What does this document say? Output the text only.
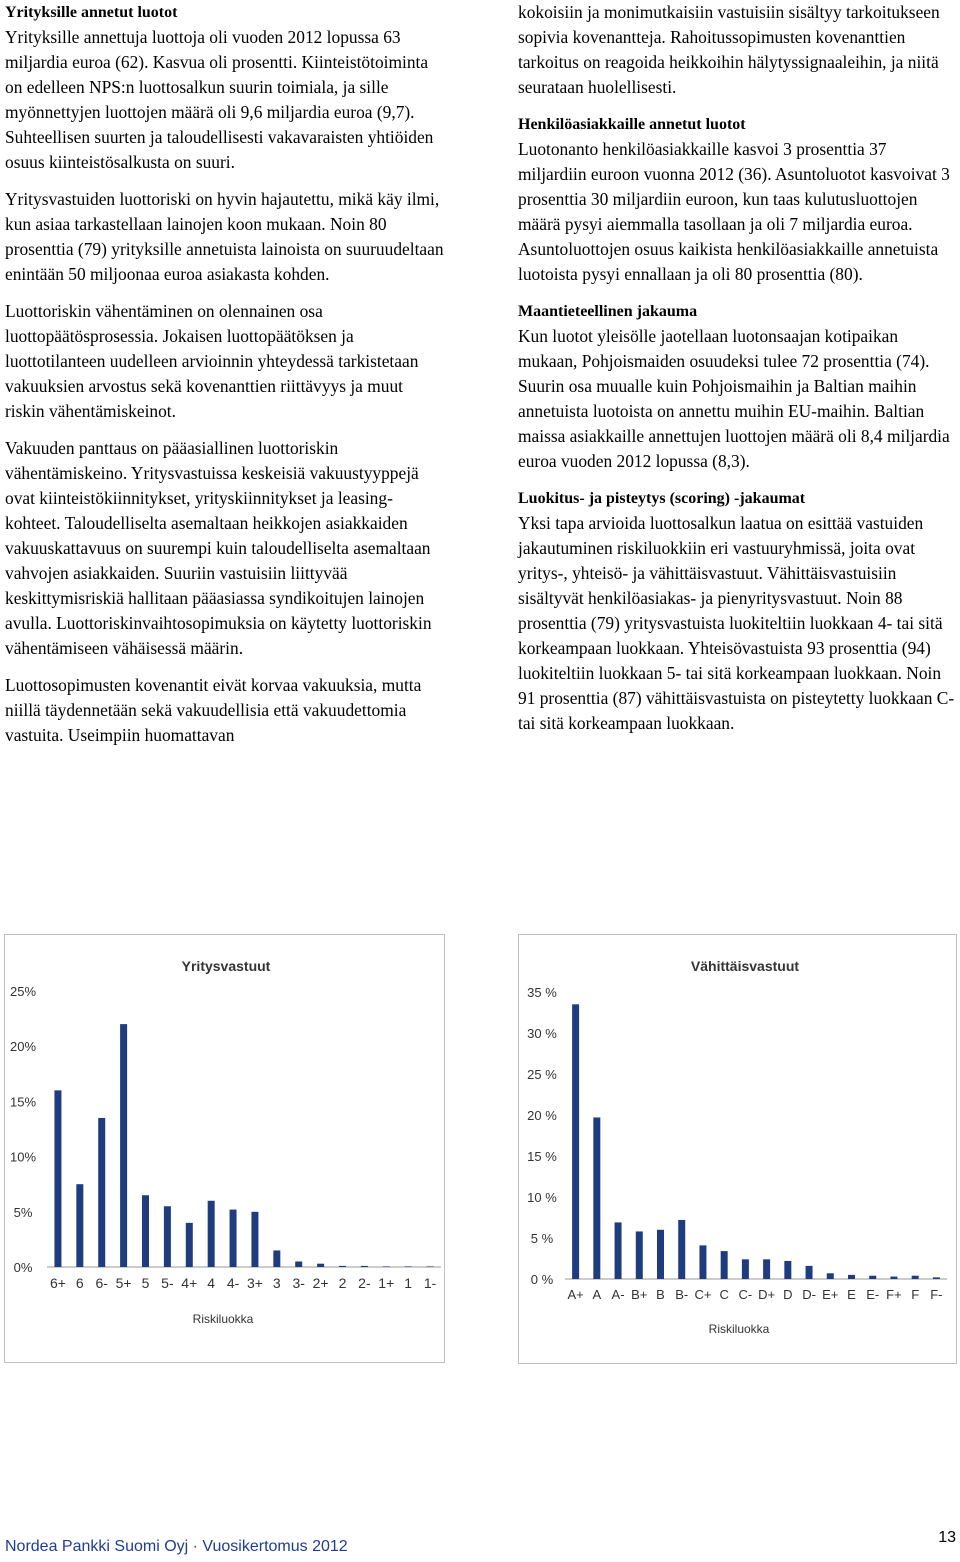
Yrityksille annetut luotot

Yrityksille annettuja luottoja oli vuoden 2012 lopussa 63 miljardia euroa (62). Kasvua oli prosentti. Kiinteistötoiminta on edelleen NPS:n luottosalkun suurin toimiala, ja sille myönnettyjen luottojen määrä oli 9,6 miljardia euroa (9,7). Suhteellisen suurten ja taloudellisesti vakavaraisten yhtiöiden osuus kiinteistösalkusta on suuri.

Yritysvastuiden luottoriski on hyvin hajautettu, mikä käy ilmi, kun asiaa tarkastellaan lainojen koon mukaan. Noin 80 prosenttia (79) yrityksille annetuista lainoista on suuruudeltaan enintään 50 miljoonaa euroa asiakasta kohden.

Luottoriskin vähentäminen on olennainen osa luottopäätösprosessia. Jokaisen luottopäätöksen ja luottotilanteen uudelleen arvioinnin yhteydessä tarkistetaan vakuuksien arvostus sekä kovenanttien riittävyys ja muut riskin vähentämiskeinot.

Vakuuden panttaus on pääasiallinen luottoriskin vähentämiskeino. Yritysvastuissa keskeisiä vakuustyyppejä ovat kiinteistökiinnitykset, yrityskiinnitykset ja leasing-kohteet. Taloudelliselta asemaltaan heikkojen asiakkaiden vakuuskattavuus on suurempi kuin taloudelliselta asemaltaan vahvojen asiakkaiden. Suuriin vastuisiin liittyvää keskittymisriskiä hallitaan pääasiassa syndikoitujen lainojen avulla. Luottoriskinvaihtosopimuksia on käytetty luottoriskin vähentämiseen vähäisessä määrin.

Luottosopimusten kovenantit eivät korvaa vakuuksia, mutta niillä täydennetään sekä vakuudellisia että vakuudettomia vastuita. Useimpiin huomattavan

kokoisiin ja monimutkaisiin vastuisiin sisältyy tarkoitukseen sopivia kovenantteja. Rahoitussopimusten kovenanttien tarkoitus on reagoida heikkoihin hälytyssignaaleihin, ja niitä seurataan huolellisesti.

Henkilöasiakkaille annetut luotot

Luotonanto henkilöasiakkaille kasvoi 3 prosenttia 37 miljardiin euroon vuonna 2012 (36). Asuntoluotot kasvoivat 3 prosenttia 30 miljardiin euroon, kun taas kulutusluottojen määrä pysyi aiemmalla tasollaan ja oli 7 miljardia euroa. Asuntoluottojen osuus kaikista henkilöasiakkaille annetuista luotoista pysyi ennallaan ja oli 80 prosenttia (80).

Maantieteellinen jakauma

Kun luotot yleisölle jaotellaan luotonsaajan kotipaikan mukaan, Pohjoismaiden osuudeksi tulee 72 prosenttia (74). Suurin osa muualle kuin Pohjoismaihin ja Baltian maihin annetuista luotoista on annettu muihin EU-maihin. Baltian maissa asiakkaille annettujen luottojen määrä oli 8,4 miljardia euroa vuoden 2012 lopussa (8,3).

Luokitus- ja pisteytys (scoring) -jakaumat

Yksi tapa arvioida luottosalkun laatua on esittää vastuiden jakautuminen riskiluokkiin eri vastuuryhmissä, joita ovat yritys-, yhteisö- ja vähittäisvastuut. Vähittäisvastuisiin sisältyvät henkilöasiakas- ja pienyritysvastuut. Noin 88 prosenttia (79) yritysvastuista luokiteltiin luokkaan 4- tai sitä korkeampaan luokkaan. Yhteisövastuista 93 prosenttia (94) luokiteltiin luokkaan 5- tai sitä korkeampaan luokkaan. Noin 91 prosenttia (87) vähittäisvastuista on pisteytetty luokkaan C- tai sitä korkeampaan luokkaan.

Yritysvastuut
0%
5%
10%
15%
20%
25%
6+ 6 6- 5+ 5 5- 4+ 4 4- 3+ 3 3- 2+ 2 2- 1+ 1 1-
Riskiluokka
Vähittäisvastuut
0 %
5 %
10 %
15 %
20 %
25 %
30 %
35 %
A+ A A- B+ B B- C+ C C- D+ D D- E+ E E- F+ F F-
Riskiluokka
Nordea Pankki Suomi Oyj · Vuosikertomus 2012
13
